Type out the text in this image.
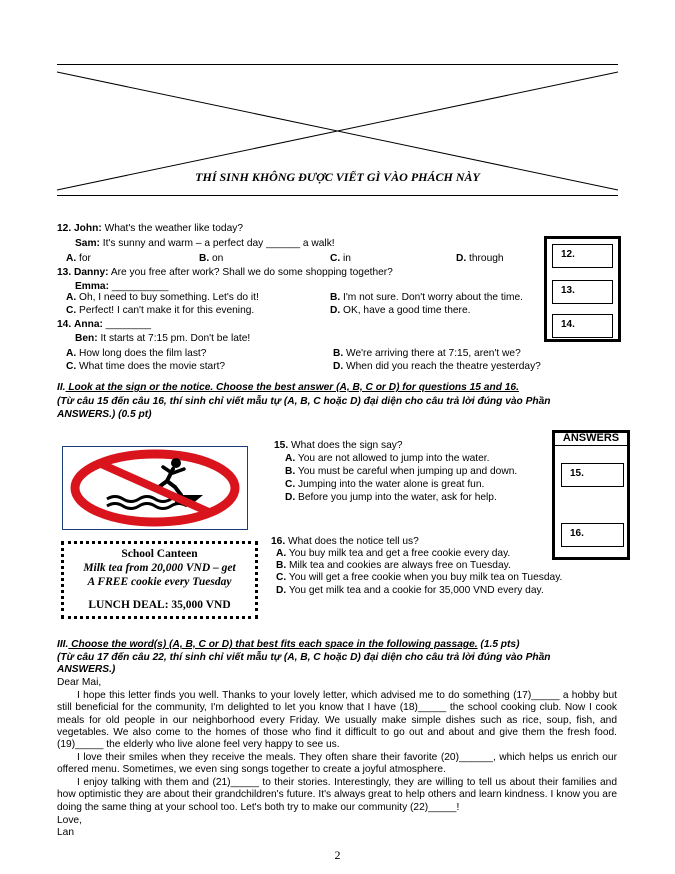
THÍ SINH KHÔNG ĐƯỢC VIẾT GÌ VÀO PHÁCH NÀY
12. John: What's the weather like today?
Sam: It's sunny and warm – a perfect day ______ a walk!
A. for	B. on	C. in	D. through
13. Danny: Are you free after work? Shall we do some shopping together?
Emma: __________
A. Oh, I need to buy something. Let's do it!	B. I'm not sure. Don't worry about the time.
C. Perfect! I can't make it for this evening.	D. OK, have a good time there.
14. Anna: ________
Ben: It starts at 7:15 pm. Don't be late!
A. How long does the film last?	B. We're arriving there at 7:15, aren't we?
C. What time does the movie start?	D. When did you reach the theatre yesterday?
12.
13.
14.
II. Look at the sign or the notice. Choose the best answer (A, B, C or D) for questions 15 and 16.
(Từ câu 15 đến câu 16, thí sinh chỉ viết mẫu tự (A, B, C hoặc D) đại diện cho câu trả lời đúng vào Phần
ANSWERS.) (0.5 pt)
15. What does the sign say?
A. You are not allowed to jump into the water.
B. You must be careful when jumping up and down.
C. Jumping into the water alone is great fun.
D. Before you jump into the water, ask for help.
ANSWERS
15.
16.
School Canteen
Milk tea from 20,000 VND – get
A FREE cookie every Tuesday
LUNCH DEAL: 35,000 VND
16. What does the notice tell us?
A. You buy milk tea and get a free cookie every day.
B. Milk tea and cookies are always free on Tuesday.
C. You will get a free cookie when you buy milk tea on Tuesday.
D. You get milk tea and a cookie for 35,000 VND every day.
III. Choose the word(s) (A, B, C or D) that best fits each space in the following passage. (1.5 pts)
(Từ câu 17 đến câu 22, thí sinh chỉ viết mẫu tự (A, B, C hoặc D) đại diện cho câu trả lời đúng vào Phần
ANSWERS.)
Dear Mai,
I hope this letter finds you well. Thanks to your lovely letter, which advised me to do something (17)_____ a hobby but still beneficial for the community, I'm delighted to let you know that I have (18)_____ the school cooking club. Now I cook meals for old people in our neighborhood every Friday. We usually make simple dishes such as rice, soup, fish, and vegetables. We also come to the homes of those who find it difficult to go out and about and give them the fresh food. (19)_____ the elderly who live alone feel very happy to see us.
I love their smiles when they receive the meals. They often share their favorite (20)______, which helps us enrich our offered menu. Sometimes, we even sing songs together to create a joyful atmosphere.
I enjoy talking with them and (21)_____ to their stories. Interestingly, they are willing to tell us about their families and how optimistic they are about their grandchildren's future. It's always great to help others and learn kindness. I know you are doing the same thing at your school too. Let's both try to make our community (22)_____!
Love,
Lan
2
